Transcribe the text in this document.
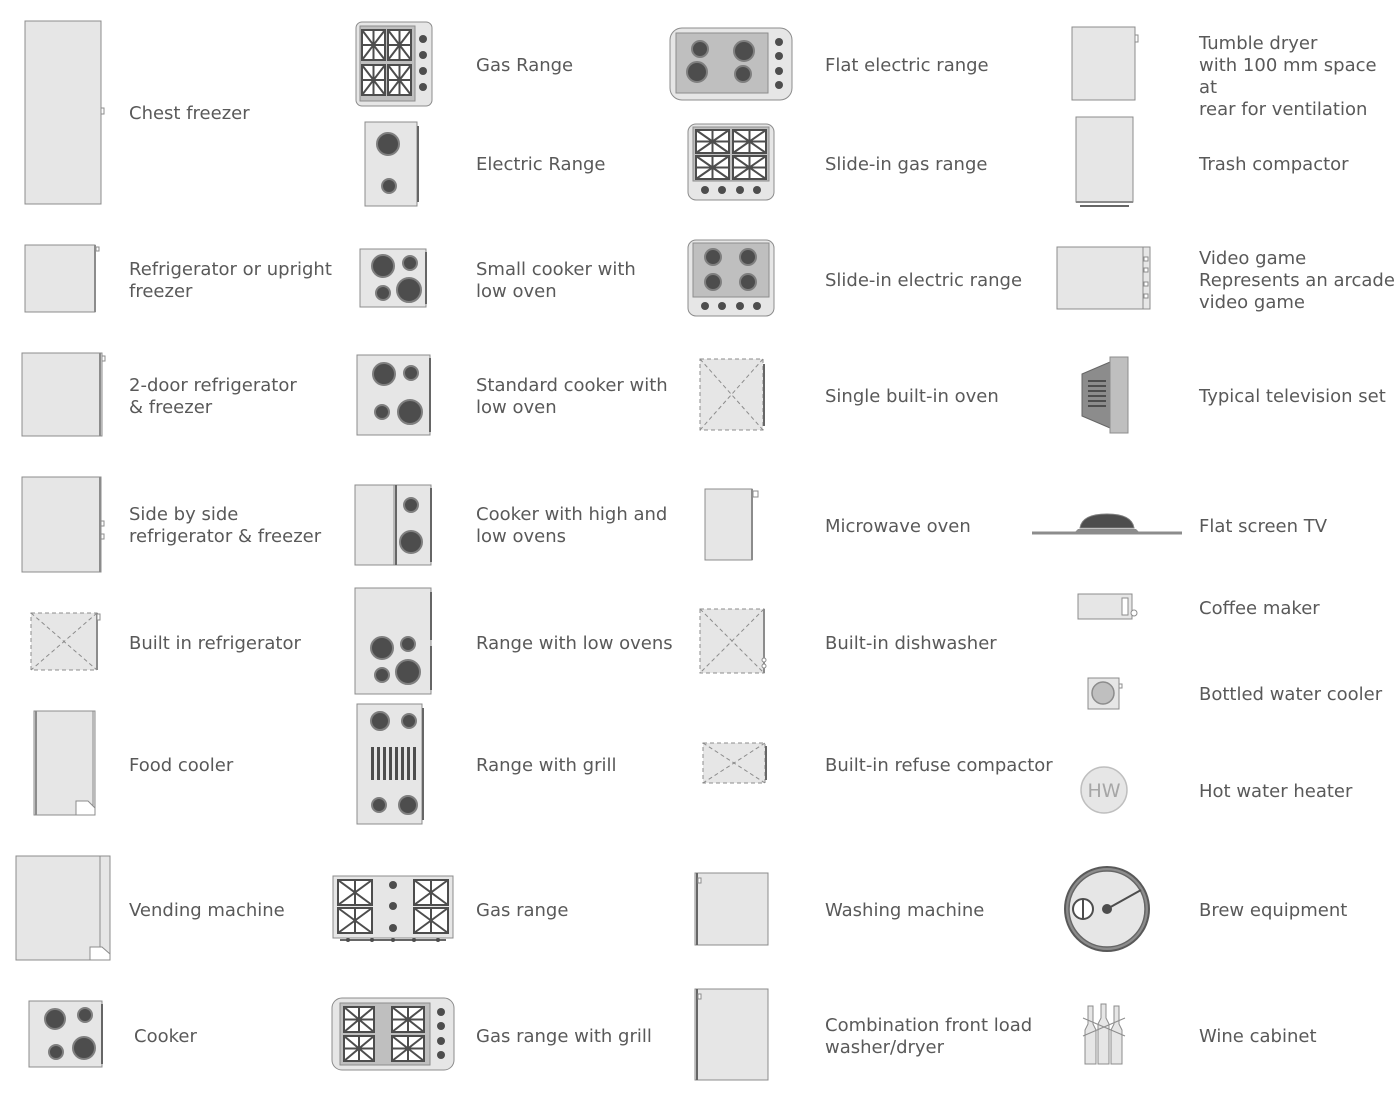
Chest freezer
Refrigerator or upright
freezer
2-door refrigerator
& freezer
Side by side
refrigerator & freezer
Built in refrigerator
Food cooler
Vending machine
Cooker
Gas Range
Electric Range
Small cooker with
low oven
Standard cooker with
low oven
Cooker with high and
low ovens
Range with low ovens
Range with grill
Gas range
Gas range with grill
Flat electric range
Slide-in gas range
Slide-in electric range
Single built-in oven
Microwave oven
Built-in dishwasher
Built-in refuse compactor
Washing machine
Combination front load
washer/dryer
Tumble dryer
with 100 mm space at
rear for ventilation
Trash compactor
Video game
Represents an arcade
video game
Typical television set
Flat screen TV
Coffee maker
Bottled water cooler
HW	Hot water heater
Brew equipment
Wine cabinet
